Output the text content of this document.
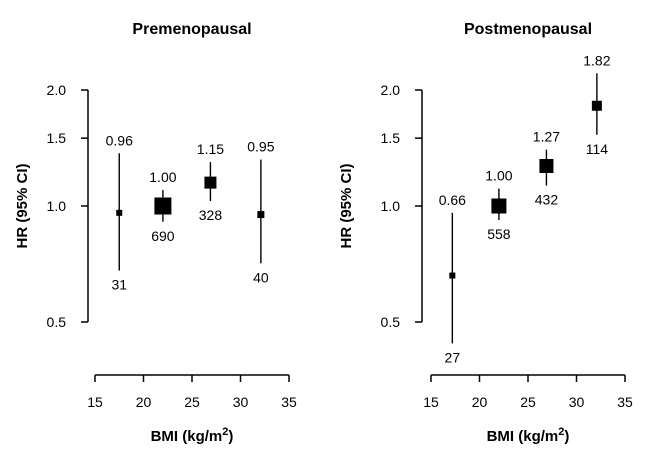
Premenopausal
0.5
1.0
1.5
2.0
HR (95% CI)
15 20 25 30 35
BMI $(kg/m^2)$
0.96
31
1.00
690
1.15
328
0.95
40
Postmenopausal
0.5
1.0
1.5
2.0
HR (95% CI)
15 20 25 30 35
BMI $(kg/m^2)$
0.66
27
1.00
558
1.27
432
1.82
114
